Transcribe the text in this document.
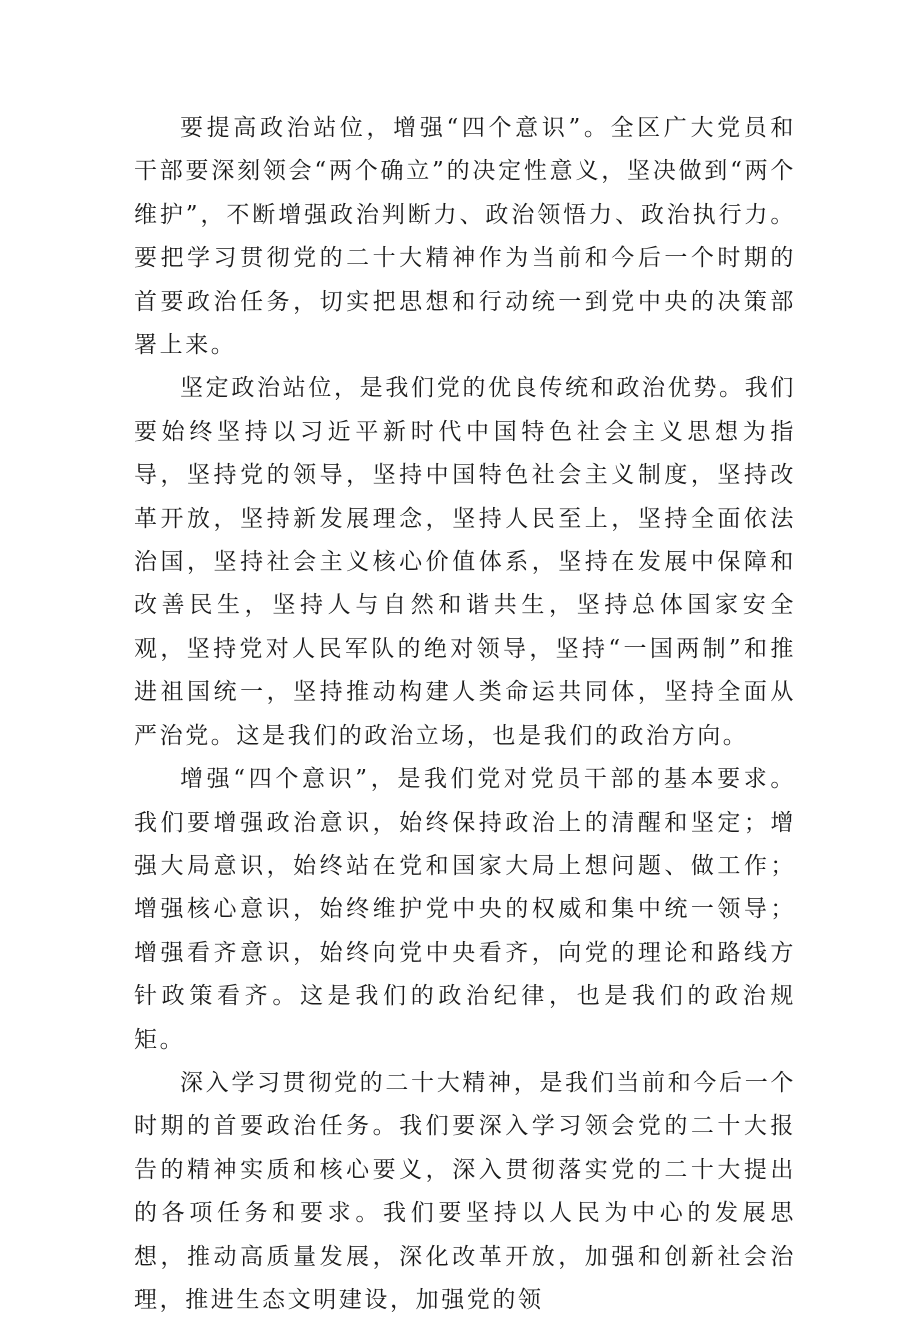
要提高政治站位，增强“四个意识”。全区广大党员和干部要深刻领会“两个确立”的决定性意义，坚决做到“两个维护”，不断增强政治判断力、政治领悟力、政治执行力。要把学习贯彻党的二十大精神作为当前和今后一个时期的首要政治任务，切实把思想和行动统一到党中央的决策部署上来。

坚定政治站位，是我们党的优良传统和政治优势。我们要始终坚持以习近平新时代中国特色社会主义思想为指导，坚持党的领导，坚持中国特色社会主义制度，坚持改革开放，坚持新发展理念，坚持人民至上，坚持全面依法治国，坚持社会主义核心价值体系，坚持在发展中保障和改善民生，坚持人与自然和谐共生，坚持总体国家安全观，坚持党对人民军队的绝对领导，坚持“一国两制”和推进祖国统一，坚持推动构建人类命运共同体，坚持全面从严治党。这是我们的政治立场，也是我们的政治方向。

增强“四个意识”，是我们党对党员干部的基本要求。我们要增强政治意识，始终保持政治上的清醒和坚定；增强大局意识，始终站在党和国家大局上想问题、做工作；增强核心意识，始终维护党中央的权威和集中统一领导；增强看齐意识，始终向党中央看齐，向党的理论和路线方针政策看齐。这是我们的政治纪律，也是我们的政治规矩。

深入学习贯彻党的二十大精神，是我们当前和今后一个时期的首要政治任务。我们要深入学习领会党的二十大报告的精神实质和核心要义，深入贯彻落实党的二十大提出的各项任务和要求。我们要坚持以人民为中心的发展思想，推动高质量发展，深化改革开放，加强和创新社会治理，推进生态文明建设，加强党的领
